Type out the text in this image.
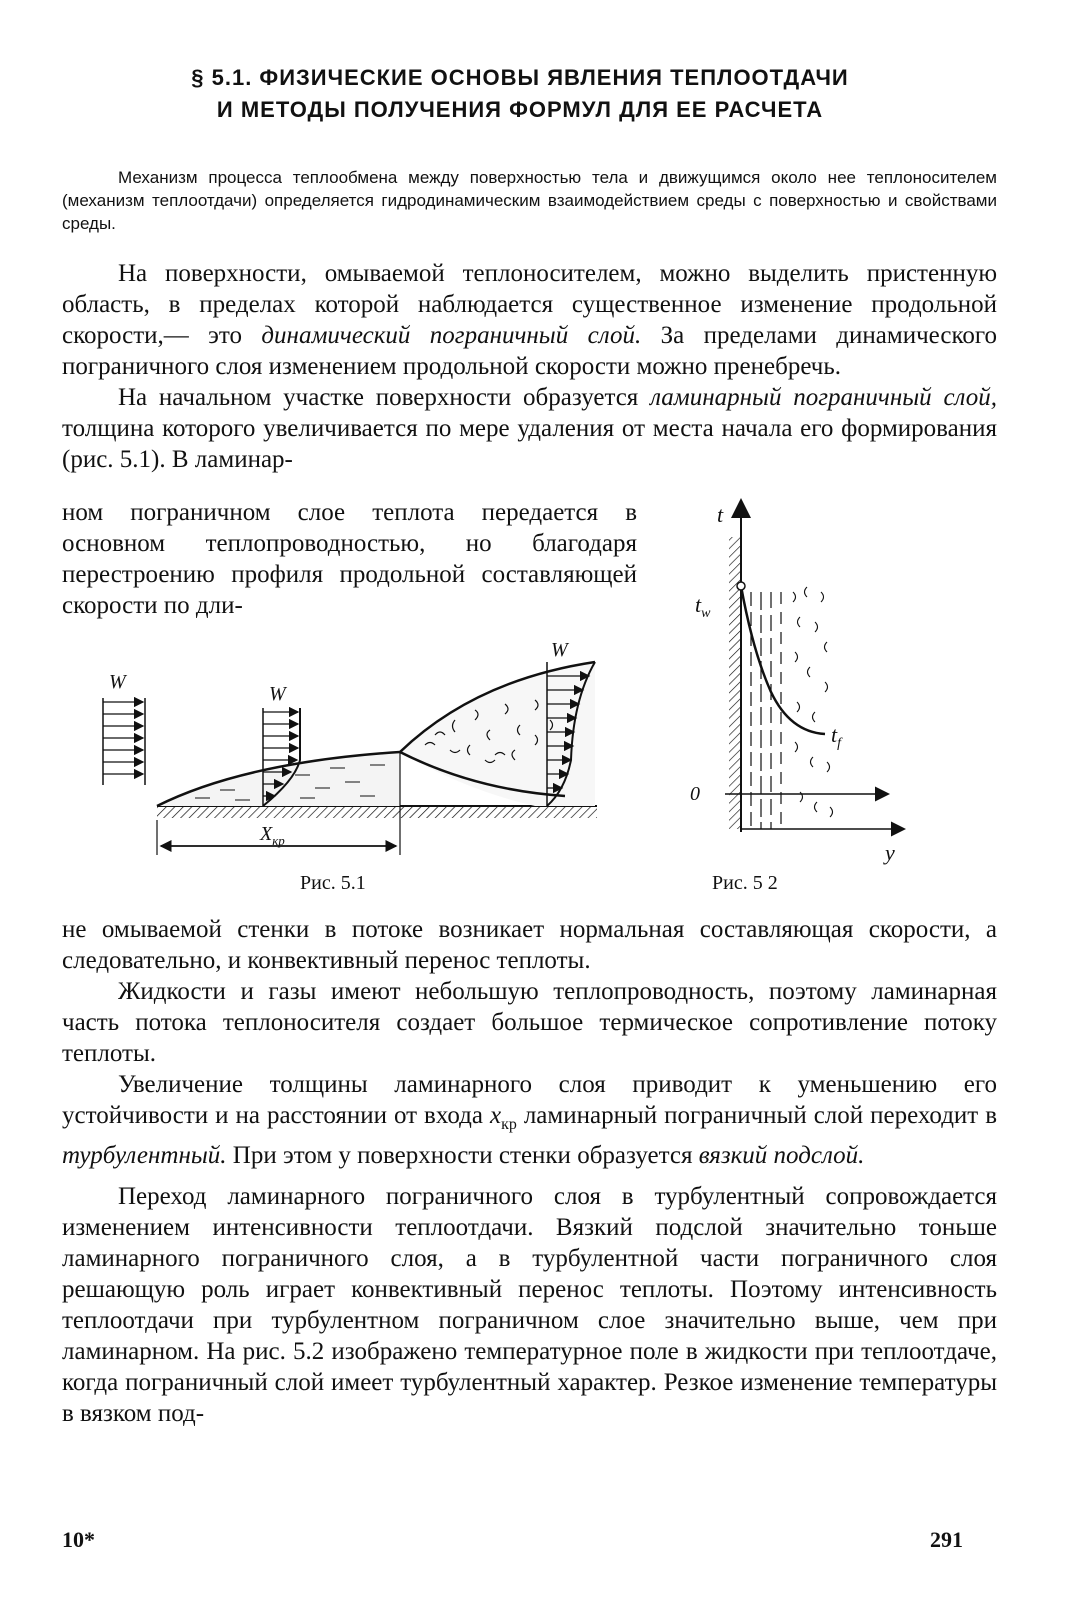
§ 5.1. ФИЗИЧЕСКИЕ ОСНОВЫ ЯВЛЕНИЯ ТЕПЛООТДАЧИ
И МЕТОДЫ ПОЛУЧЕНИЯ ФОРМУЛ ДЛЯ ЕЕ РАСЧЕТА

Механизм процесса теплообмена между поверхностью тела и движущимся около нее теплоносителем (механизм теплоотдачи) определяется гидродинамическим взаимодействием среды с поверхностью и свойствами среды.

На поверхности, омываемой теплоносителем, можно выделить пристенную область, в пределах которой наблюдается существенное изменение продольной скорости,— это динамический пограничный слой. За пределами динамического пограничного слоя изменением продольной скорости можно пренебречь.

На начальном участке поверхности образуется ламинарный пограничный слой, толщина которого увеличивается по мере удаления от места начала его формирования (рис. 5.1). В ламинар-

ном пограничном слое теплота передается в основном теплопроводностью, но благодаря перестроению профиля продольной составляющей скорости по дли-

W
W
W
$X_{кр}$
t
$t_w$
$t_f$
0
y
Рис. 5.1	Рис. 5 2

не омываемой стенки в потоке возникает нормальная составляющая скорости, а следовательно, и конвективный перенос теплоты.

Жидкости и газы имеют небольшую теплопроводность, поэтому ламинарная часть потока теплоносителя создает большое термическое сопротивление потоку теплоты.

Увеличение толщины ламинарного слоя приводит к уменьшению его устойчивости и на расстоянии от входа $x_{кр}$ ламинарный пограничный слой переходит в турбулентный. При этом у поверхности стенки образуется вязкий подслой.

Переход ламинарного пограничного слоя в турбулентный сопровождается изменением интенсивности теплоотдачи. Вязкий подслой значительно тоньше ламинарного пограничного слоя, а в турбулентной части пограничного слоя решающую роль играет конвективный перенос теплоты. Поэтому интенсивность теплоотдачи при турбулентном пограничном слое значительно выше, чем при ламинарном. На рис. 5.2 изображено температурное поле в жидкости при теплоотдаче, когда пограничный слой имеет турбулентный характер. Резкое изменение температуры в вязком под-

10*	291
